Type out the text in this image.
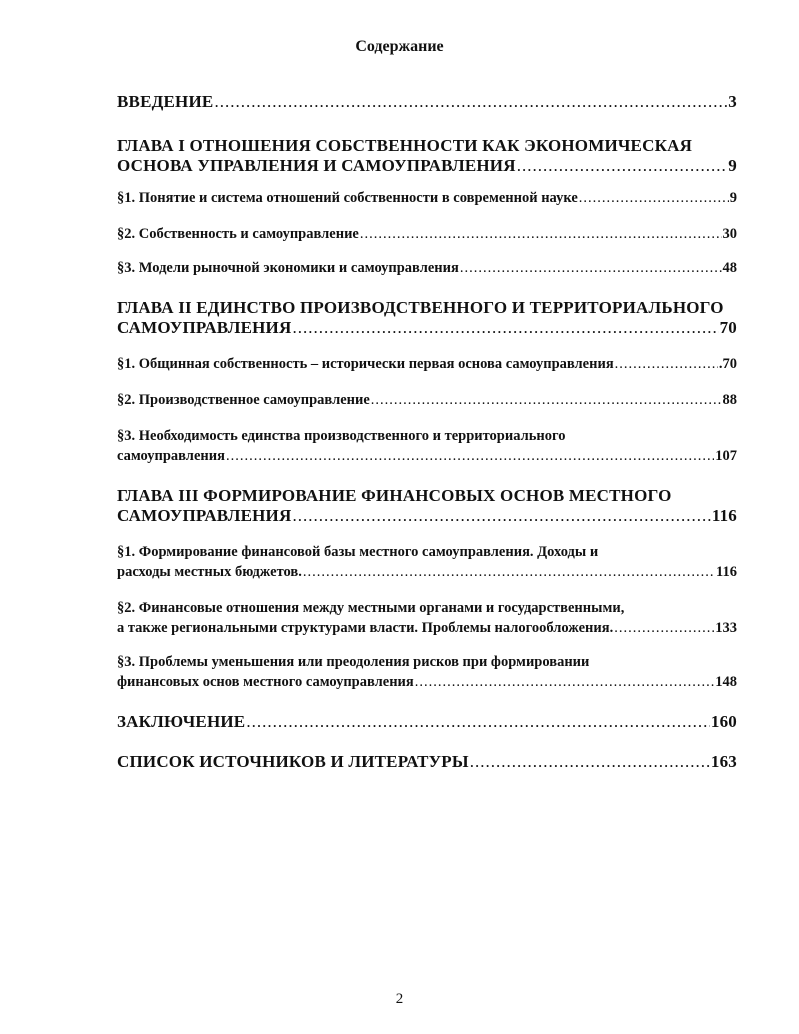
Содержание
ВВЕДЕНИЕ .....	3
ГЛАВА I ОТНОШЕНИЯ СОБСТВЕННОСТИ КАК ЭКОНОМИЧЕСКАЯ
ОСНОВА УПРАВЛЕНИЯ И САМОУПРАВЛЕНИЯ .....	9
§1. Понятие и система отношений собственности в современной науке .....	9
§2. Собственность и самоуправление .....	30
§3. Модели рыночной экономики и самоуправления .....	48
ГЛАВА II ЕДИНСТВО ПРОИЗВОДСТВЕННОГО И ТЕРРИТОРИАЛЬНОГО
САМОУПРАВЛЕНИЯ .....	70
§1. Общинная собственность – исторически первая основа самоуправления .....	.70
§2. Производственное самоуправление .....	88
§3. Необходимость единства производственного и территориального
самоуправления .....	107
ГЛАВА III ФОРМИРОВАНИЕ ФИНАНСОВЫХ ОСНОВ МЕСТНОГО
САМОУПРАВЛЕНИЯ .....	116
§1. Формирование финансовой базы местного самоуправления. Доходы и
расходы местных бюджетов. .....	116
§2. Финансовые отношения между местными органами и государственными,
а также региональными структурами власти. Проблемы налогообложения. .....	133
§3. Проблемы уменьшения или преодоления рисков при формировании
финансовых основ местного самоуправления .....	148
ЗАКЛЮЧЕНИЕ .....	160
СПИСОК ИСТОЧНИКОВ И ЛИТЕРАТУРЫ .....	163
2
